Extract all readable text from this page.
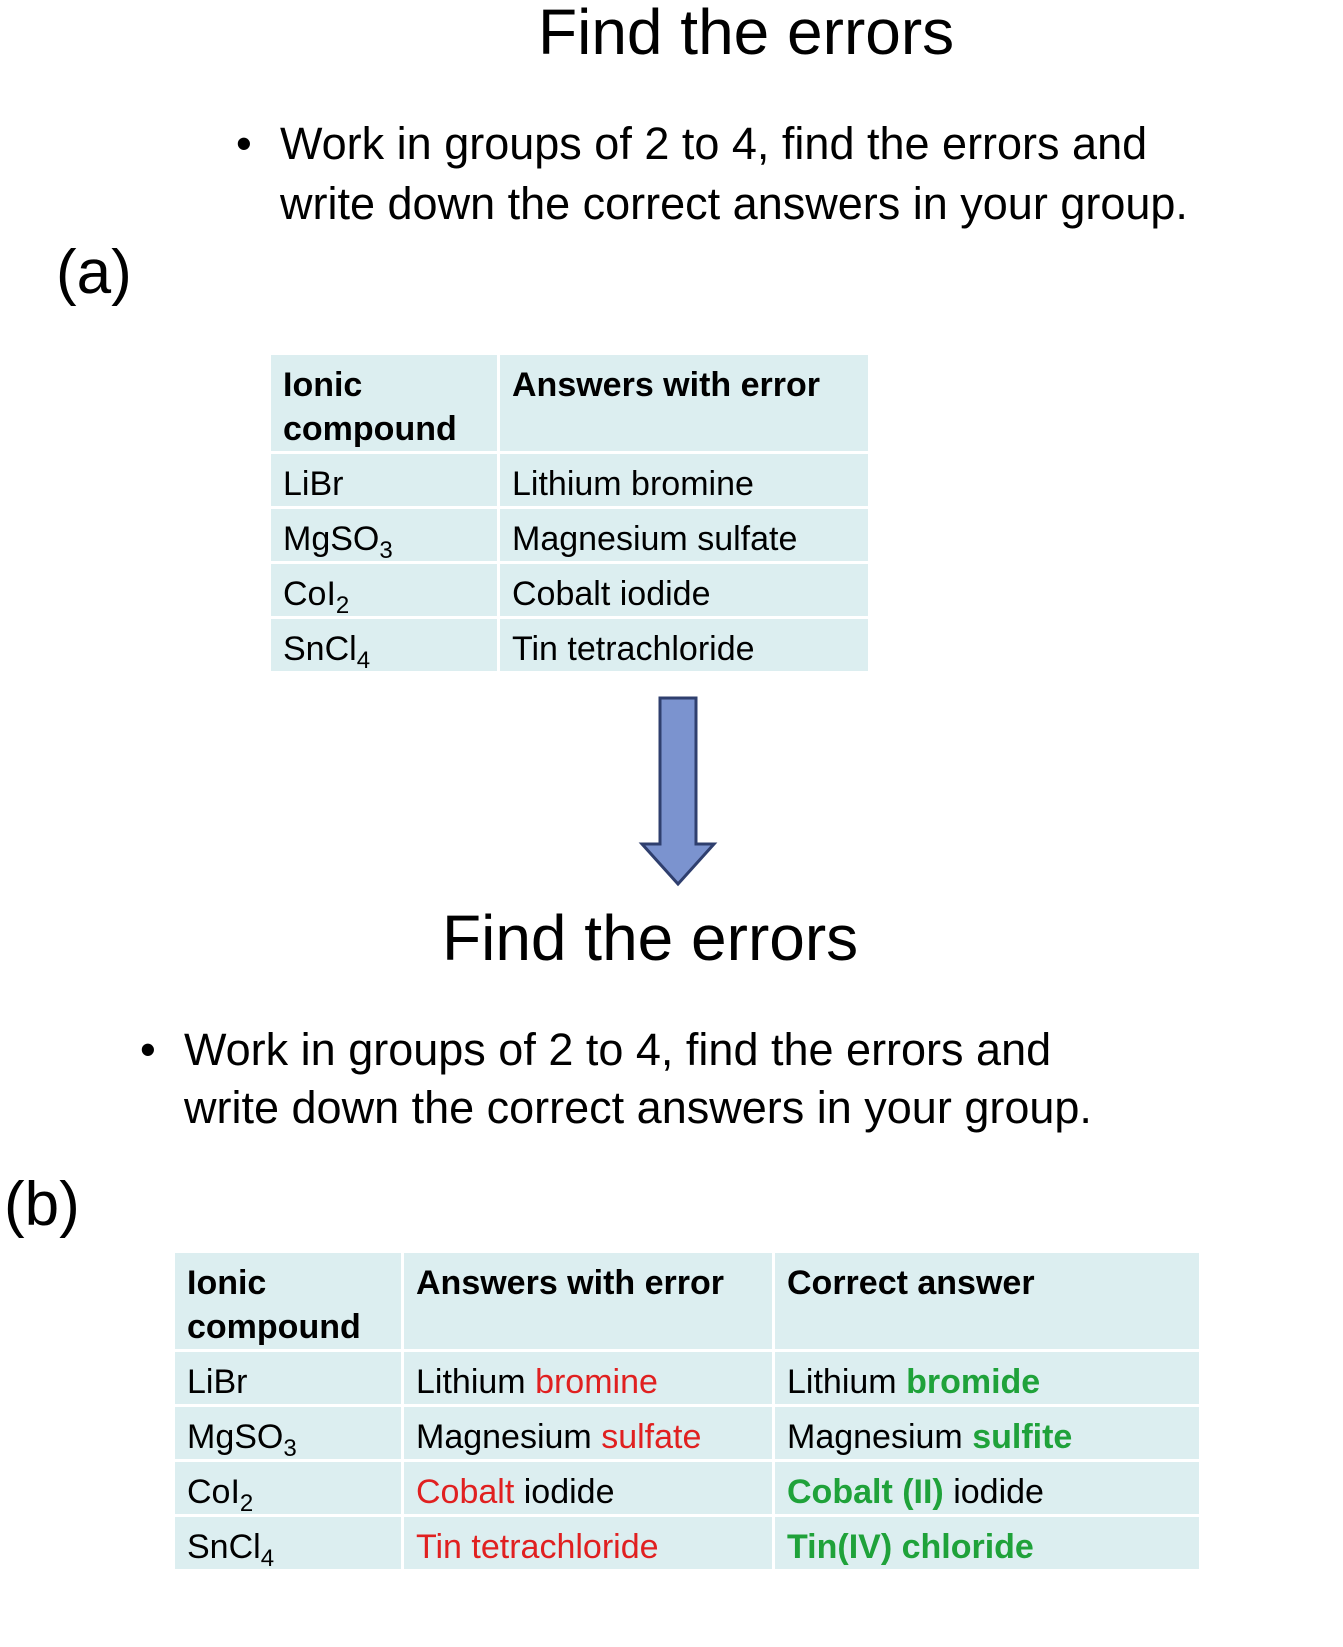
Find the errors
• Work in groups of 2 to 4, find the errors and
write down the correct answers in your group.
(a)
Ionic
compound	Answers with error
LiBr	Lithium bromine
MgSO$_3$	Magnesium sulfate
CoI$_2$	Cobalt iodide
SnCl$_4$	Tin tetrachloride
Find the errors
• Work in groups of 2 to 4, find the errors and
write down the correct answers in your group.
(b)
Ionic
compound	Answers with error	Correct answer
LiBr	Lithium bromine	Lithium bromide
MgSO$_3$	Magnesium sulfate	Magnesium sulfite
CoI$_2$	Cobalt iodide	Cobalt (II) iodide
SnCl$_4$	Tin tetrachloride	Tin(IV) chloride
